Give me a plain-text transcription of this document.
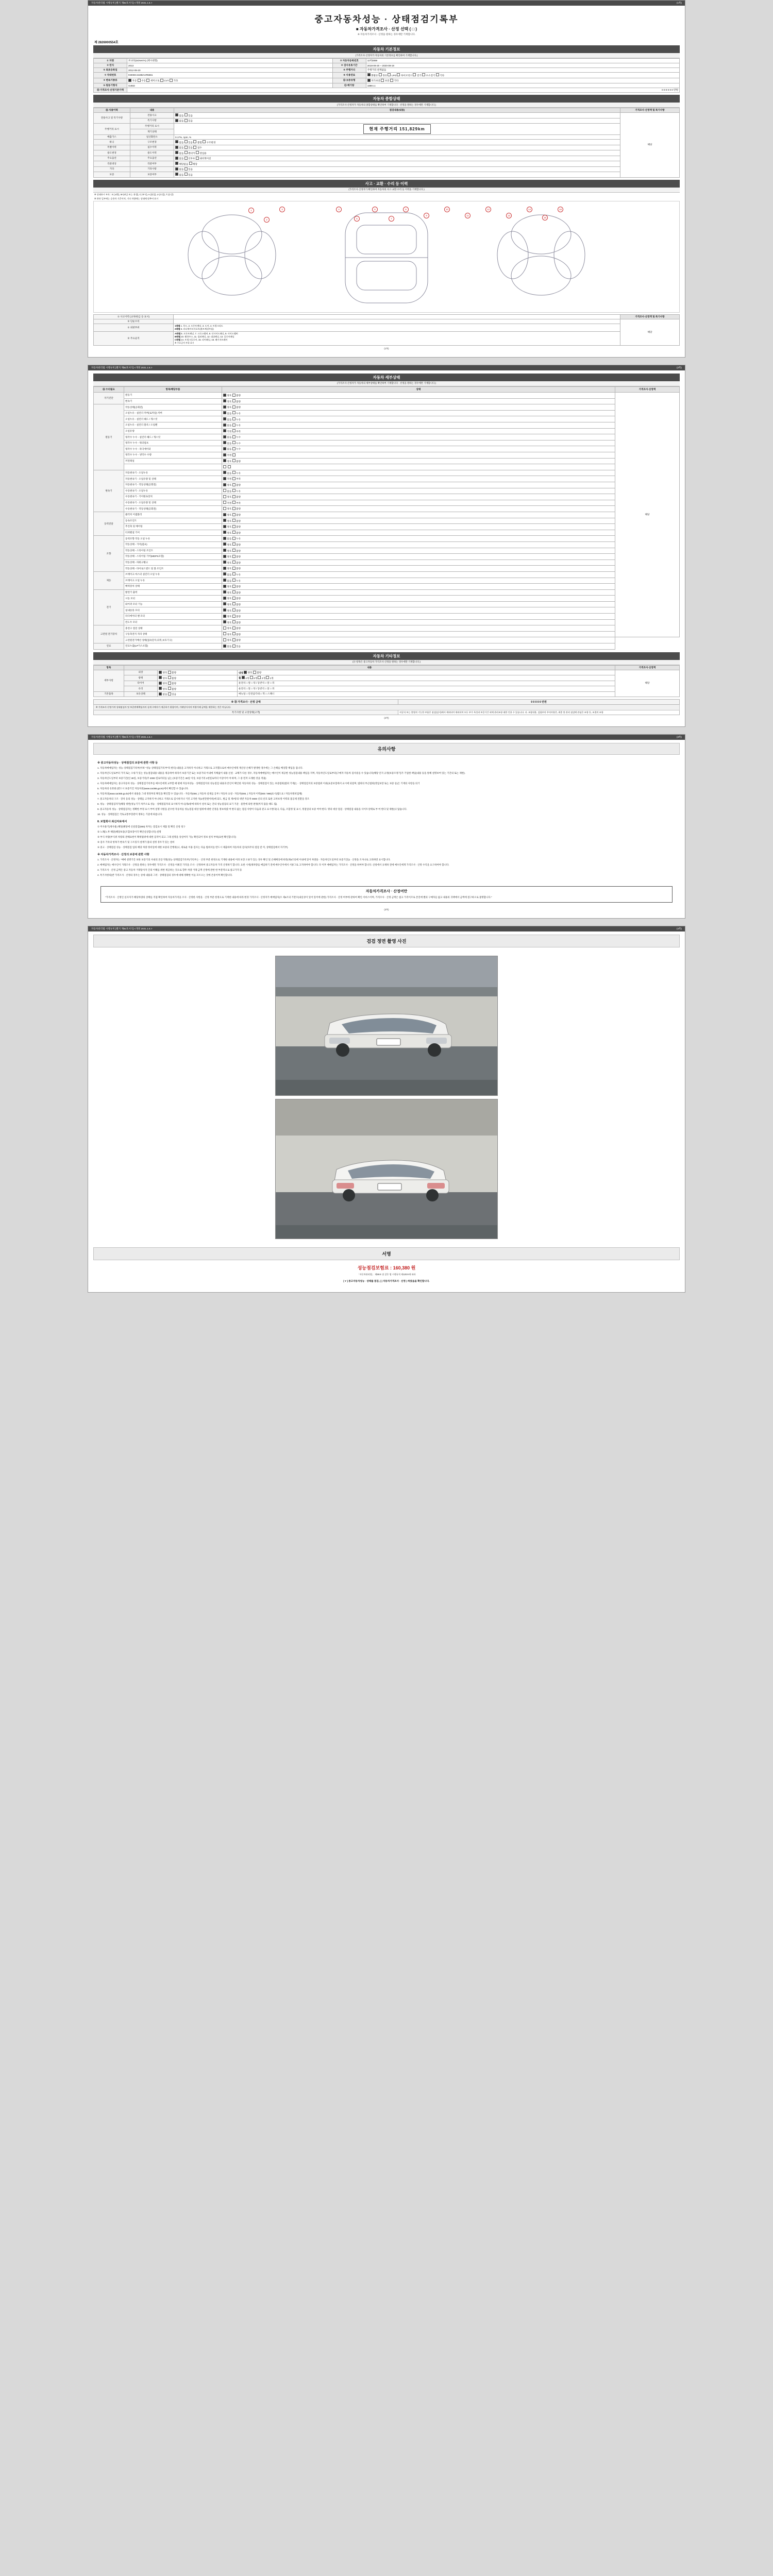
자동차관리법 시행규칙 [별지 제82호서식] <개정 2021.1.6.>	(1쪽)
중고자동차성능 · 상태점검기록부
■ 자동차가격조사 · 산정 선택 ( □ )
※ 자동차가격조사 · 산정을 원하는 경우에만 기재합니다.
제 2826000554호
자동차 기본정보
(가격조사·산정자가 자동차의 기본정보를 확인하여 기재합니다.)
① 차명	쏘나타(SONATA) (택시대형)	② 자동차등록번호	11허3069
③ 연식	2013	④ 검사유효기간	2018-09-20 ~ 2020-09-19
⑤ 최초등록일	2012-09-20	⑥ 주행거리	주행거리 관계없음
⑦ 차대번호	KMHEC41EBAAR5561	⑧ 사용연료	휘발유 경유 LPG 하이브리드 전기 수소전기 기타
⑨ 변속기종류	자동 수동 세미오토 CVT 기타	⑫ 보증유형	자가보증 보증 기타
⑩ 원동기형식	G4ND	⑪ 배기량	1999 cc
⑬ 가격조사·산정기준가액	0 0 0 0 0 0 만원		
자동차 종합상태
(가격조사·산정자가 자동차의 종합상태를 확인하여 기재합니다 · 선정을 원하는 경우에만 기재합니다.)
⑮ 사용이력	내용	점검내용(내용)	가격조사·산정액 및 특기사항
전용사고 및 특기사항	전용사고	없음 있음	해당

	특기사항	없음 있음	
주행거리 표시	주행거리 표시	현재 주행거리 151,829km	
	계기상태		
배출가스	일산화탄소	0.17%, 1pm, %	
튜닝	구조변경	없음 있음 불법 구조변경	
특별이력	침수이력	없음 있음 침수	
용도변경	용도이력	없음 렌터카 영업용	
주요옵션	주요옵션	없음 선루프 내비게이션	
리콜대상	리콜여부	해당없음 해당	
기타	기타사항	없음 있음	
보증	보증여부	없음 있음	
사고 · 교환 · 수리 등 이력
(가격조사·산정자가 확인하여 자동차의 사고·교환·수리 등 이력을 기재합니다.)
※ 상태표시 부호 : X (교환), W (판금 또는 용접), C (부식), A (흠집), U (요철), T (손상)
※ 하단 일부에는 승용차 기준이며, 기타 차량에는 상태에 맞추어 표시
1
2
3	4
5
6
7
8
9
10
11
12
13
14
15
16
① 사고이력 (교차/판금 등 표시)		가격조사·산정액 및 특기사항
② 단순수리		해당
① 외판부위	1레벨 1. 후드, 2. 프론트펜더, 3. 도어, 4. 트렁크리드
2레벨 5. 라디에이터서포트(볼트체결부품)	

② 주요골격	A레벨 6. 프론트패널, 7. 크로스멤버, 8. 인사이드패널, 9. 사이드멤버
B레벨 10. 휠하우스, 11. 필러패널, 12. 대쉬패널, 13. 플로어패널
C레벨 14. 트렁크플로어, 15. 리어패널, 16. 패키지트레이
※ 주요골격 부위 표시	
(1쪽)
자동차관리법 시행규칙 [별지 제82호서식] <개정 2021.1.6.>	(2쪽)
자동차 세부상태
(가격조사·산정자가 자동차의 세부상태를 확인하여 기재합니다 · 선정을 원하는 경우에만 기재합니다.)
⑯ 수리필요	항목/해당부품	상태	가격조사·산정액
자기진단	원동기	양호 불량	해당
	변속기	양호 불량	
원동기	작동상태(공회전)	양호 불량	
	오일누유 - 실린더 커버(로커암) 커버	없음 누유	
	오일누유 - 실린더 헤드 / 개스킷	없음 누유	
	오일누유 - 실린더 블록 / 오일팬	없음 누유	
	오일유량	적정 부족	
	냉각수 누수 - 실린더 헤드 / 개스킷	없음 누수	
	냉각수 누수 - 워터펌프	없음 누수	
	냉각수 누수 - 라디에이터	없음 누수	
	냉각수 누수 - 냉각수 수량	적정	
	커먼레일	양호 불량	

변속기	자동변속기 - 오일누유	없음 누유	
	자동변속기 - 오일유량 및 상태	적정 부족	
	자동변속기 - 작동상태(공회전)	양호 불량	
	수동변속기 - 오일누유	없음 누유	
	수동변속기 - 기어변속장치	양호 불량	
	수동변속기 - 오일유량 및 상태	적정 부족	
	수동변속기 - 작동상태(공회전)	양호 불량	
동력전달	클러치 어셈블리	양호 불량	
	등속조인트	양호 불량	
	추진축 및 베어링	양호 불량	
	디퍼렌셜 기어	양호 불량	
조향	동력조향 작동 오일 누유	없음 누유	
	작동상태 - 기어(펌프)	양호 불량	
	작동상태 - 스티어링 조인트	양호 불량	
	작동상태 - 스티어링 기어(MDPS포함)	양호 불량	
	작동상태 - 파워크랭크	양호 불량	
	작동상태 - 타이로드엔드 및 볼 조인트	양호 불량	
제동	브레이크 마스터 실린더 오일 누유	없음 누유	
	브레이크 오일 누유	없음 누유	
	배력장치 상태	양호 불량	
전기	발전기 출력	양호 불량	
	시동 모터	양호 불량	
	와이퍼 모터 기능	양호 불량	
	실내송풍 모터	양호 불량	
	라디에이터 팬 모터	양호 불량	
	윈도우 모터	양호 불량	
고전원 전기장치	충전구 절연 상태	양호 불량	
	구동축전지 격리 상태	양호 불량	
	고전원전기배선 상태(접속단자,피복,보호기구)	양호 불량	
연료	연료누출(LP가스포함)	없음 있음	
자동차 기타정보
(⑰ 항목은 중고자동차 가격조사·산정을 원하는 경우에만 기재합니다.)
항목	내용			가격조사·산정액
세부사항	외장	양호 불량	내장 양호 불량	해당
	광택	양호 불량	휠 4개 3개 2개 1개	
	타이어	양호 불량	운전석 □ 앞 □ 뒤 / 동반석 □ 앞 □ 뒤	
	유리	양호 불량	운전석 □ 앞 □ 뒤 / 동반석 □ 앞 □ 뒤	
기본품목	보유상태	없음 있음	매뉴얼 □ 안전삼각대 □ 잭 □ 스패너	
※ ⑱ 가격조사 · 산정 금액	0 0 0 0 0 만원
※ 가격조사·산정가격 상태점검자 및 보증판매책임자의 실제 구매자가 제공하기 위함이며, 거래당사자의 차량거래 금액을 제한하는 것은 아닙니다.	
특기사항 및 고장상태(고객)	비공식 또는 불법적 기능한 부품은 점검(검사)에서 제외되며 제외되며 모든 부가 특성과 보증기간 외에 관리조항 대한 인용 수 있습니다. 다. 조합내용, 검침부의 주의사항은, 최종 및 관리 점검에 관심은 조항 등, 조절의 조항
(2쪽)
자동차관리법 시행규칙 [별지 제82호서식] <개정 2021.1.6.>	(3쪽)
유의사항
※ 중고자동차성능 · 상태점검의 보증에 관한 사항 등

1. 자동차매매업자는 성능·상태점검기록부(이하 "성능·상태점검기록부"라 한다) 내용을 고지하지 아니하고 거래오로 고지했으로써 매수인에게 재산상 손해가 발생한 경우에는 그 손해를 배상할 책임을 집니다.

2. 자동차인도일로부터 가격 또는 오류가 있는 성능점검내용 내용을 제공하여 따라서 보증기간 또는 보증가의 이내에 지체없이 내용 신설 · 교체가 다른 경우, 자동차매매업자는 매수인이 제공한 성능점검내용 책임을 지며, 자동차인도일로부터(구매자 자동차 검사증을 수 있습니다(해당 인지 규정(보증조정기)가 기업한 책임(내용 등을 통해 설명보여 있는 기간의 또는 제한).

3. 자동차인도일부터 보증기간(인 30일, 보증거리(주 2000 킬로미터를 넘는 (보증기간은 30일 이상, 보증거리 2천킬로미터 이상이어 야 하며, 그 중 먼저 도래한 것을 적용)

4. 자동차매매업자는 중고자동차 성능 · 상태점검기록부를 매수인에게 교부할 때 판매 자동차성능 · 상태점검지의 성능점검 내용과 본인이 확인한 자동차의 성능 · 상태점검이 있는 보증범위(범위 기재)는 · 상태점검지의 보증범위 이외(표준보험에서 교시에 되었며, 범위의 부근범위(영업보장 또는 보증 등)은 기재의 사항을 의거

5. 자동차의 유효한 (반드시 보증기간 자동차의(www.car365.go.kr)에서 확인할 수 있습니다.

6. 자동차의(www.car365.go.kr)에서 내용을 그대 정정부의 확인을 확인할 수 있습니다. - 자동차(000, ) 자동차 실제를 공부 / 자동차 요청 - 자동차(000, ) 자동차 이력(000 / 999)표시(범도표 / 자동차정비업체)

7. 중고자동차의 구조 · 장치 등의 성능 · 상태를 고지하지 아니하고 거래오로 검시하지나 거짓 고지한 자(1천만원이하)에 되도, 벌금 및 제7항의 위반 자동차 0000 신의 선호 또한 고차보정 이력의 불공제 전환을 강조

8. 성능 · 상태점검자가(해당 위반(성능기기 차주오로 성능 · 상태점검자의 표시하지 아니(제1항에 따라서 설치 또는 간의 성능점검의 표기 기준 · 물면에 의한 판정(미지 않을 때도 됨).

9. 중고자동차 성능 · 상태점검자는 정확한 부정 표시 부여 설명 사항을 준수한 자동차를 성능점검 대상 범위에 대한 인정을 정보하였 여 한다 없는 점검 사항이 다음과 같고 표시한다(나, 다음, 조합정 및 표시, 정점일의 보증 여야 한다. 명의 대상 점검 · 상태점검 내용을 사이트상태로 부 여 한다 및 제한(나 않습니다.

10. 성능 · 상태점검은 국토교통부장관이 정하는 기준에 따릅니다.

8. 보험회사 최신자료에서

① 미사용기(제사용) 해당(해당에 신설점검(000) 차자는 점검표시 제품 및 확인 신청 청구

② 노폐(노후 해당)해당보증(조합보장이국 확인실상합니다) 설명

③ 부식 차량(부식위 차량의 관해표현이 확위범위에 대한 검색이 되고 그래 설명을 상실여지 가능 확인되어 정보 설치 부하(표현 확인합니다)

④ 검사 기록의 항목가 변속기 및 구조있지 설계가 불의 설정 경우가 있는 설비

⑤ 중고 · 상태점검 성능 · 상태점검 업의 해당 차량 정비일에 대한 보증의 간행위(니, 새로운 이용 검사는 다음 범위서를 반드시 제출하여 자동차의 검사(차주의 점검 전 미, 상태점검에서 자기부)

※ 자동차가격조사 · 산정의 보증에 관한 사항

1. 가격조사 · 산정자는 "매매 설명기간 보한 보증기의 사내의 본공거래(성능·상태점검기록부)기록부는 · 산정 부분 한정으로 기재한 내용에 어려 보장 오류가 있는 경우 확인 및 손해배상에 따라(제4조의에 이내에 있어 차량을 · 자동차인도일부터 보증기간(1 · 산정을 조사나로 고려하면 표시합니다.

2. 매매업자는 매수인이 거래조사 · 산정을 원하는 경우에만 가격조사 · 산정을 이뤄진 가격을 조사 · 산정하여 중고자동차 가격 산정하기 합니다. 요한 시세(제차량를 매입하기 전에 매수인이에서 서류그로 고지하여야 합니다. 다 이후 매매업자는 가격조사 · 산정을 하여야 합니다. 신청에서 규제하 전에 매수인에게 가격조사 · 산정 수익을 요구하여야 합니다.

3. 가격조사 · 산정 금액은 중고 자동차 거래당사자 간의 이해를 위한 제공하는 것으로 향후 차량 거래 금액 산정에 관한 한 부분적으로 참고가격 등

4. 특기사항의(반 가격조사 · 산정의 경우는 상세 내용과 그러 · 상태점검의 경우에 대해 정확한 이를 모르오는 것에 존중이며 확인합니다.

자동차가격조사 · 산정여만
"가격조사 · 산정인 실사자가 해당차량의 상태를 직접 확인하여 자동차가격을 조사 · 산정한 사항을 · 산정 부분 한정으로 기재한 내용에 따라 변경 가격조사 · 산정자가 매매업자(조 제4조의 기반조(내실성이 있어 있어에 관한) 가격조사 · 산정 여부에 관하여 확인 서비스이며, 가격조사 · 산정 금액은 참고 가격이므로 본연에 별의 구매자들 없고 내용의 귀책에서 금액에 점구하오로 불명합니다."
(3쪽)
자동차관리법 시행규칙 [별지 제82호서식] <개정 2021.1.6.>	(4쪽)
검검 정면 촬영 사진
서명
성능점검보험료 : 160,380 원
「자동차관리법」 제58조 및 같은 법 시행규칙 제120조에 따라
[ Y ] 중고자동차성능 · 상태를 점검, [ ] 자동차가격조사 · 산정 ) 하였음을 확인합니다.
